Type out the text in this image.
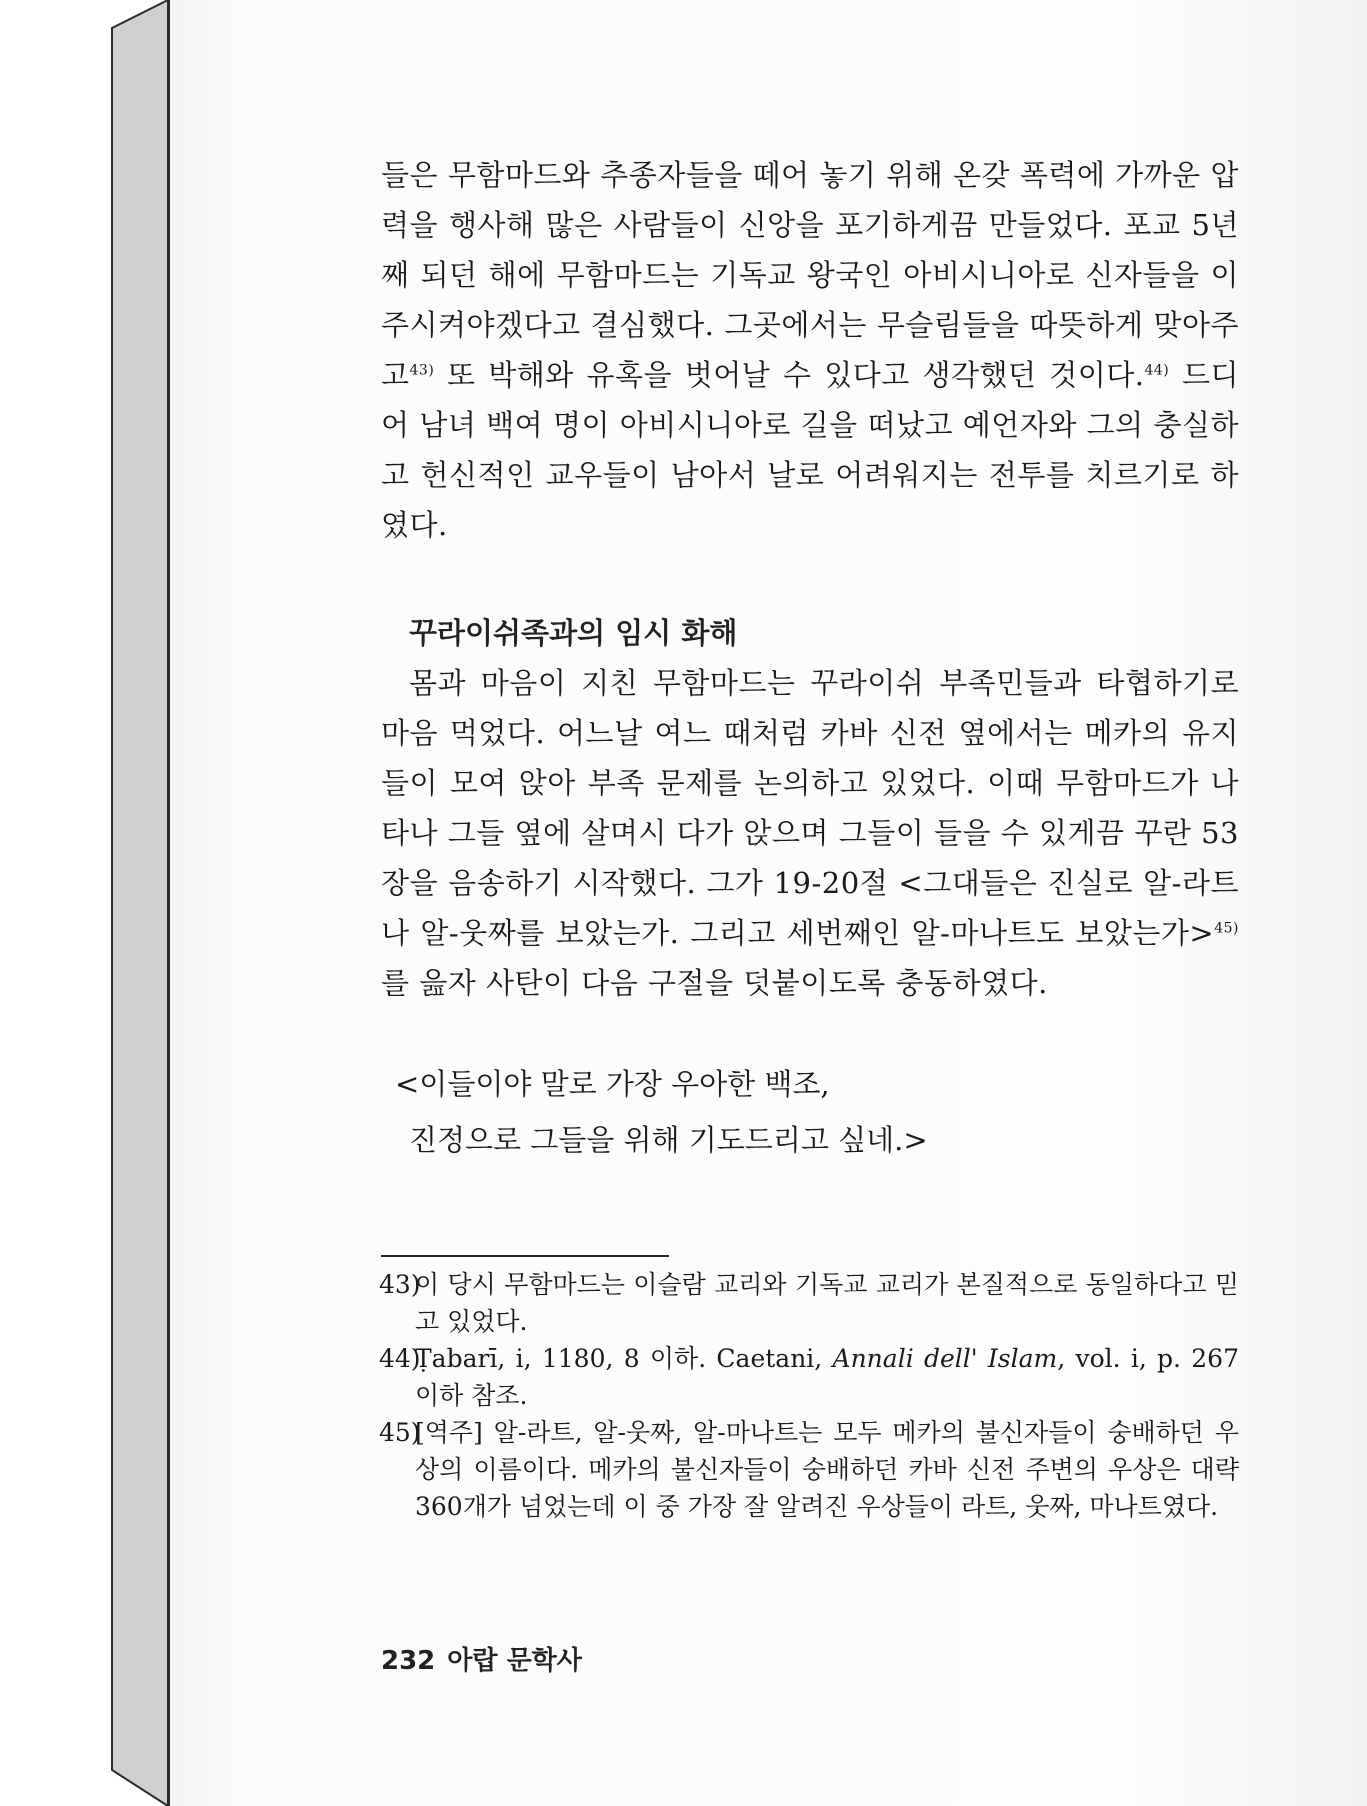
들은 무함마드와 추종자들을 떼어 놓기 위해 온갖 폭력에 가까운 압력을 행사해 많은 사람들이 신앙을 포기하게끔 만들었다. 포교 5년째 되던 해에 무함마드는 기독교 왕국인 아비시니아로 신자들을 이주시켜야겠다고 결심했다. 그곳에서는 무슬림들을 따뜻하게 맞아주고$^{43)}$ 또 박해와 유혹을 벗어날 수 있다고 생각했던 것이다.$^{44)}$ 드디어 남녀 백여 명이 아비시니아로 길을 떠났고 예언자와 그의 충실하고 헌신적인 교우들이 남아서 날로 어려워지는 전투를 치르기로 하였다.

꾸라이쉬족과의 임시 화해

몸과 마음이 지친 무함마드는 꾸라이쉬 부족민들과 타협하기로 마음 먹었다. 어느날 여느 때처럼 카바 신전 옆에서는 메카의 유지들이 모여 앉아 부족 문제를 논의하고 있었다. 이때 무함마드가 나타나 그들 옆에 살며시 다가 앉으며 그들이 들을 수 있게끔 꾸란 53장을 음송하기 시작했다. 그가 19-20절 <그대들은 진실로 알-라트나 알-웃짜를 보았는가. 그리고 세번째인 알-마나트도 보았는가>$^{45)}$를 읊자 사탄이 다음 구절을 덧붙이도록 충동하였다.

<이들이야 말로 가장 우아한 백조,
진정으로 그들을 위해 기도드리고 싶네.>
43)
이 당시 무함마드는 이슬람 교리와 기독교 교리가 본질적으로 동일하다고 믿고 있었다.
44)
Ṭabarī, i, 1180, 8 이하. Caetani, Annali dell' Islam, vol. i, p. 267 이하 참조.
45)
[역주] 알-라트, 알-웃짜, 알-마나트는 모두 메카의 불신자들이 숭배하던 우상의 이름이다. 메카의 불신자들이 숭배하던 카바 신전 주변의 우상은 대략 360개가 넘었는데 이 중 가장 잘 알려진 우상들이 라트, 웃짜, 마나트였다.
232 아랍 문학사
